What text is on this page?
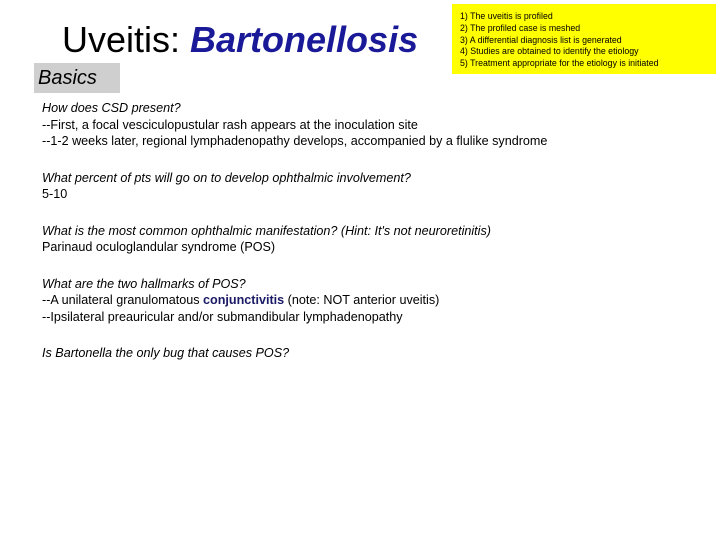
Uveitis: Bartonellosis
Basics
1) The uveitis is profiled
2) The profiled case is meshed
3) A differential diagnosis list is generated
4) Studies are obtained to identify the etiology
5) Treatment appropriate for the etiology is initiated
How does CSD present?
--First, a focal vesciculopustular rash appears at the inoculation site
--1-2 weeks later, regional lymphadenopathy develops, accompanied by a flulike syndrome
What percent of pts will go on to develop ophthalmic involvement?
5-10
What is the most common ophthalmic manifestation? (Hint: It's not neuroretinitis)
Parinaud oculoglandular syndrome (POS)
What are the two hallmarks of POS?
--A unilateral granulomatous conjunctivitis (note: NOT anterior uveitis)
--Ipsilateral preauricular and/or submandibular lymphadenopathy
Is Bartonella the only bug that causes POS?
